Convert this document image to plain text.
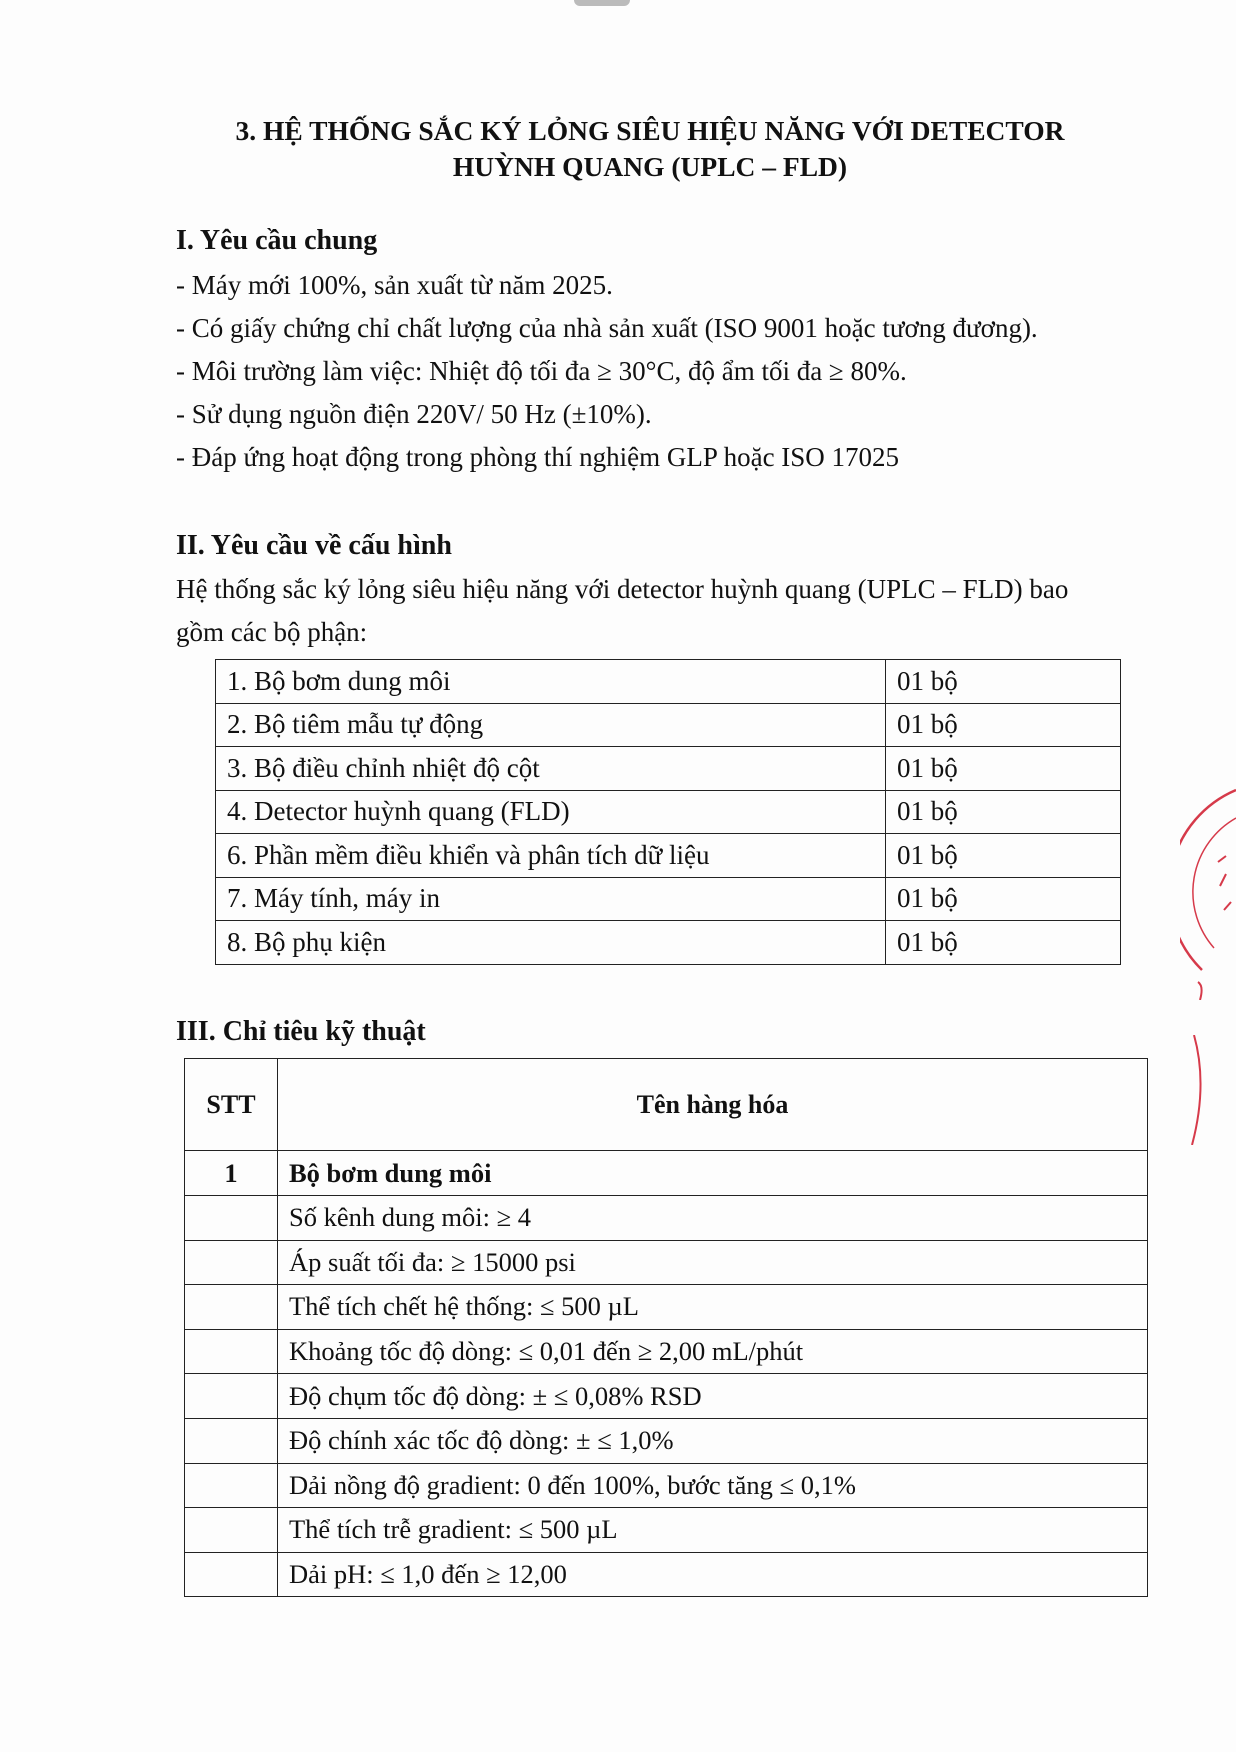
3. HỆ THỐNG SẮC KÝ LỎNG SIÊU HIỆU NĂNG VỚI DETECTOR
HUỲNH QUANG (UPLC – FLD)
I. Yêu cầu chung
- Máy mới 100%, sản xuất từ năm 2025.
- Có giấy chứng chỉ chất lượng của nhà sản xuất (ISO 9001 hoặc tương đương).
- Môi trường làm việc: Nhiệt độ tối đa ≥ 30°C, độ ẩm tối đa ≥ 80%.
- Sử dụng nguồn điện 220V/ 50 Hz (±10%).
- Đáp ứng hoạt động trong phòng thí nghiệm GLP hoặc ISO 17025
II. Yêu cầu về cấu hình
Hệ thống sắc ký lỏng siêu hiệu năng với detector huỳnh quang (UPLC – FLD) bao
gồm các bộ phận:
1. Bộ bơm dung môi	01 bộ
2. Bộ tiêm mẫu tự động	01 bộ
3. Bộ điều chỉnh nhiệt độ cột	01 bộ
4. Detector huỳnh quang (FLD)	01 bộ
6. Phần mềm điều khiển và phân tích dữ liệu	01 bộ
7. Máy tính, máy in	01 bộ
8. Bộ phụ kiện	01 bộ
III. Chỉ tiêu kỹ thuật
STT	Tên hàng hóa
1	Bộ bơm dung môi
	Số kênh dung môi: ≥ 4
	Áp suất tối đa: ≥ 15000 psi
	Thể tích chết hệ thống: ≤ 500 µL
	Khoảng tốc độ dòng: ≤ 0,01 đến ≥ 2,00 mL/phút
	Độ chụm tốc độ dòng: ± ≤ 0,08% RSD
	Độ chính xác tốc độ dòng: ± ≤ 1,0%
	Dải nồng độ gradient: 0 đến 100%, bước tăng ≤ 0,1%
	Thể tích trễ gradient: ≤ 500 µL
	Dải pH: ≤ 1,0 đến ≥ 12,00
